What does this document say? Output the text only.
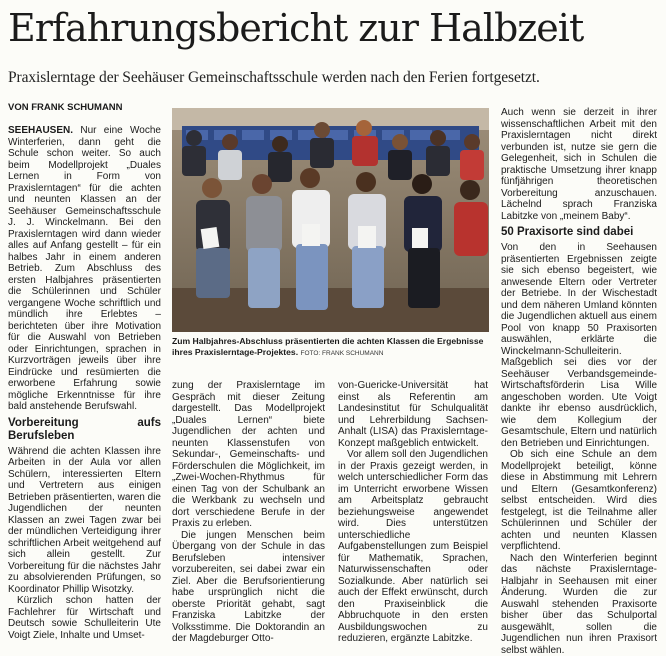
Erfahrungsbericht zur Halbzeit

Praxislerntage der Seehäuser Gemeinschaftsschule werden nach den Ferien fortgesetzt.

VON FRANK SCHUMANN

SEEHAUSEN. Nur eine Woche Winterferien, dann geht die Schule schon weiter. So auch beim Modellprojekt „Duales Lernen in Form von Praxislerntagen“ für die achten und neunten Klassen an der Seehäuser Gemeinschaftsschule J. J. Winckelmann. Bei den Praxislerntagen wird dann wieder alles auf Anfang gestellt – für ein halbes Jahr in einem anderen Betrieb. Zum Abschluss des ersten Halbjahres präsentierten die Schülerinnen und Schüler vergangene Woche schriftlich und mündlich ihre Erlebtes – berichteten über ihre Motivation für die Auswahl von Betrieben oder Einrichtungen, sprachen in Kurzvorträgen jeweils über ihre Eindrücke und resümierten die erworbene Erfahrung sowie mögliche Erkenntnisse für ihre bald anstehende Berufswahl.

Vorbereitung aufs Berufsleben

Während die achten Klassen ihre Arbeiten in der Aula vor allen Schülern, interessierten Eltern und Vertretern aus einigen Betrieben präsentierten, waren die Jugendlichen der neunten Klassen an zwei Tagen zwar bei der mündlichen Verteidigung ihrer schriftlichen Arbeit weitgehend auf sich allein gestellt. Zur Vorbereitung für die nächstes Jahr zu absolvierenden Prüfungen, so Koordinator Phillip Wisotzky.

Kürzlich schon hatten der Fachlehrer für Wirtschaft und Deutsch sowie Schulleiterin Ute Voigt Ziele, Inhalte und Umset-

Zum Halbjahres-Abschluss präsentierten die achten Klassen die Ergebnisse ihres Praxislerntage-Projektes. FOTO: FRANK SCHUMANN

zung der Praxislerntage im Gespräch mit dieser Zeitung dargestellt. Das Modellprojekt „Duales Lernen“ biete Jugendlichen der achten und neunten Klassenstufen von Sekundar-, Gemeinschafts- und Förderschulen die Möglichkeit, im „Zwei-Wochen-Rhythmus für einen Tag von der Schulbank an die Werkbank zu wechseln und dort verschiedene Berufe in der Praxis zu erleben.

Die jungen Menschen beim Übergang von der Schule in das Berufsleben intensiver vorzubereiten, sei dabei zwar ein Ziel. Aber die Berufsorientierung habe ursprünglich nicht die oberste Priorität gehabt, sagt Franziska Labitzke der Volksstimme. Die Doktorandin an der Magdeburger Otto-

von-Guericke-Universität hat einst als Referentin am Landesinstitut für Schulqualität und Lehrerbildung Sachsen-Anhalt (LISA) das Praxislerntage-Konzept maßgeblich entwickelt.

Vor allem soll den Jugendlichen in der Praxis gezeigt werden, in welch unterschiedlicher Form das im Unterricht erworbene Wissen am Arbeitsplatz gebraucht beziehungsweise angewendet wird. Dies unterstützen unterschiedliche Aufgabenstellungen zum Beispiel für Mathematik, Sprachen, Naturwissenschaften oder Sozialkunde. Aber natürlich sei auch der Effekt erwünscht, durch den Praxiseinblick die Abbruchquote in den ersten Ausbildungswochen zu reduzieren, ergänzte Labitzke.

Auch wenn sie derzeit in ihrer wissenschaftlichen Arbeit mit den Praxislerntagen nicht direkt verbunden ist, nutze sie gern die Gelegenheit, sich in Schulen die praktische Umsetzung ihrer knapp fünfjährigen theoretischen Vorbereitung anzuschauen. Lächelnd sprach Franziska Labitzke von „meinem Baby“.

50 Praxisorte sind dabei

Von den in Seehausen präsentierten Ergebnissen zeigte sie sich ebenso begeistert, wie anwesende Eltern oder Vertreter der Betriebe. In der Wischestadt und dem näheren Umland könnten die Jugendlichen aktuell aus einem Pool von knapp 50 Praxisorten auswählen, erklärte die Winckelmann-Schulleiterin. Maßgeblich sei dies vor der Seehäuser Verbandsgemeinde-Wirtschaftsförderin Lisa Wille angeschoben worden. Ute Voigt dankte ihr ebenso ausdrücklich, wie dem Kollegium der Gesamtschule, Eltern und natürlich den Betrieben und Einrichtungen.

Ob sich eine Schule an dem Modellprojekt beteiligt, könne diese in Abstimmung mit Lehrern und Eltern (Gesamtkonferenz) selbst entscheiden. Wird dies festgelegt, ist die Teilnahme aller Schülerinnen und Schüler der achten und neunten Klassen verpflichtend.

Nach den Winterferien beginnt das nächste Praxislerntage-Halbjahr in Seehausen mit einer Änderung. Wurden die zur Auswahl stehenden Praxisorte bisher über das Schulportal ausgewählt, sollen die Jugendlichen nun ihren Praxisort selbst wählen.
